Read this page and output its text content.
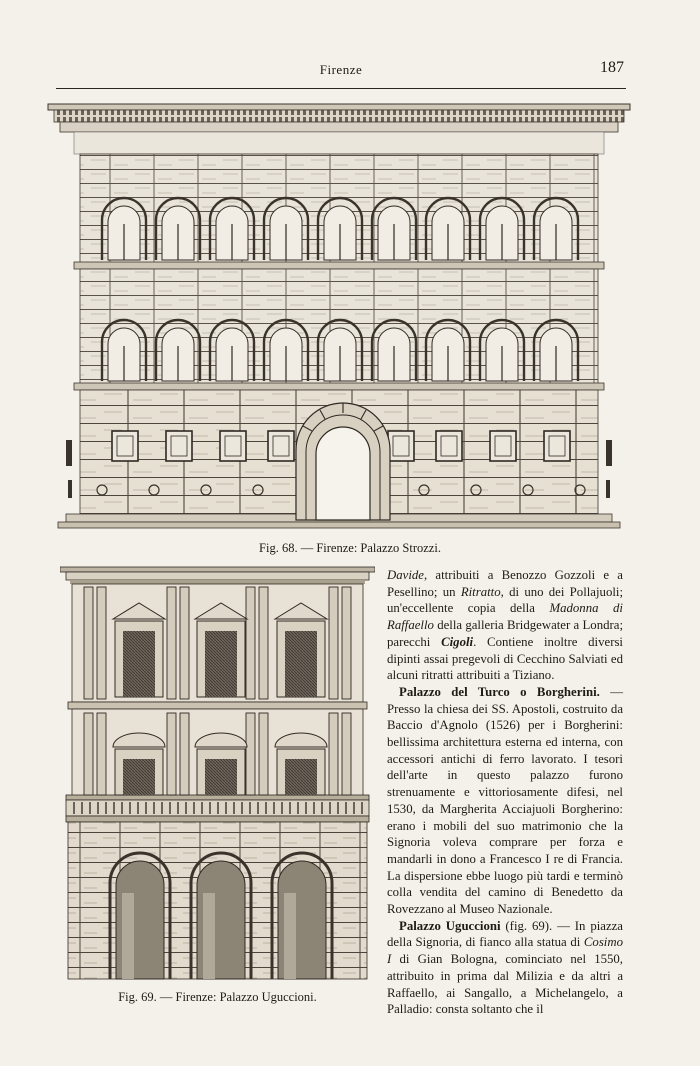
Firenze	187
Fig. 68. — Firenze: Palazzo Strozzi.
Fig. 69. — Firenze: Palazzo Uguccioni.

Davide, attribuiti a Benozzo Gozzoli e a Pesellino; un Ritratto, di uno dei Pollajuoli; un'eccellente copia della Madonna di Raffaello della galleria Bridgewater a Londra; parecchi Cigoli. Contiene inoltre diversi dipinti assai pregevoli di Cecchino Salviati ed alcuni ritratti attribuiti a Tiziano.

Palazzo del Turco o Borgherini. — Presso la chiesa dei SS. Apostoli, costruito da Baccio d'Agnolo (1526) per i Borgherini: bellissima architettura esterna ed interna, con accessori antichi di ferro lavorato. I tesori dell'arte in questo palazzo furono strenuamente e vittoriosamente difesi, nel 1530, da Margherita Acciajuoli Borgherino: erano i mobili del suo matrimonio che la Signoria voleva comprare per forza e mandarli in dono a Francesco I re di Francia. La dispersione ebbe luogo più tardi e terminò colla vendita del camino di Benedetto da Rovezzano al Museo Nazionale.

Palazzo Uguccioni (fig. 69). — In piazza della Signoria, di fianco alla statua di Cosimo I di Gian Bologna, cominciato nel 1550, attribuito in prima dal Milizia e da altri a Raffaello, ai Sangallo, a Michelangelo, a Palladio: consta soltanto che il
